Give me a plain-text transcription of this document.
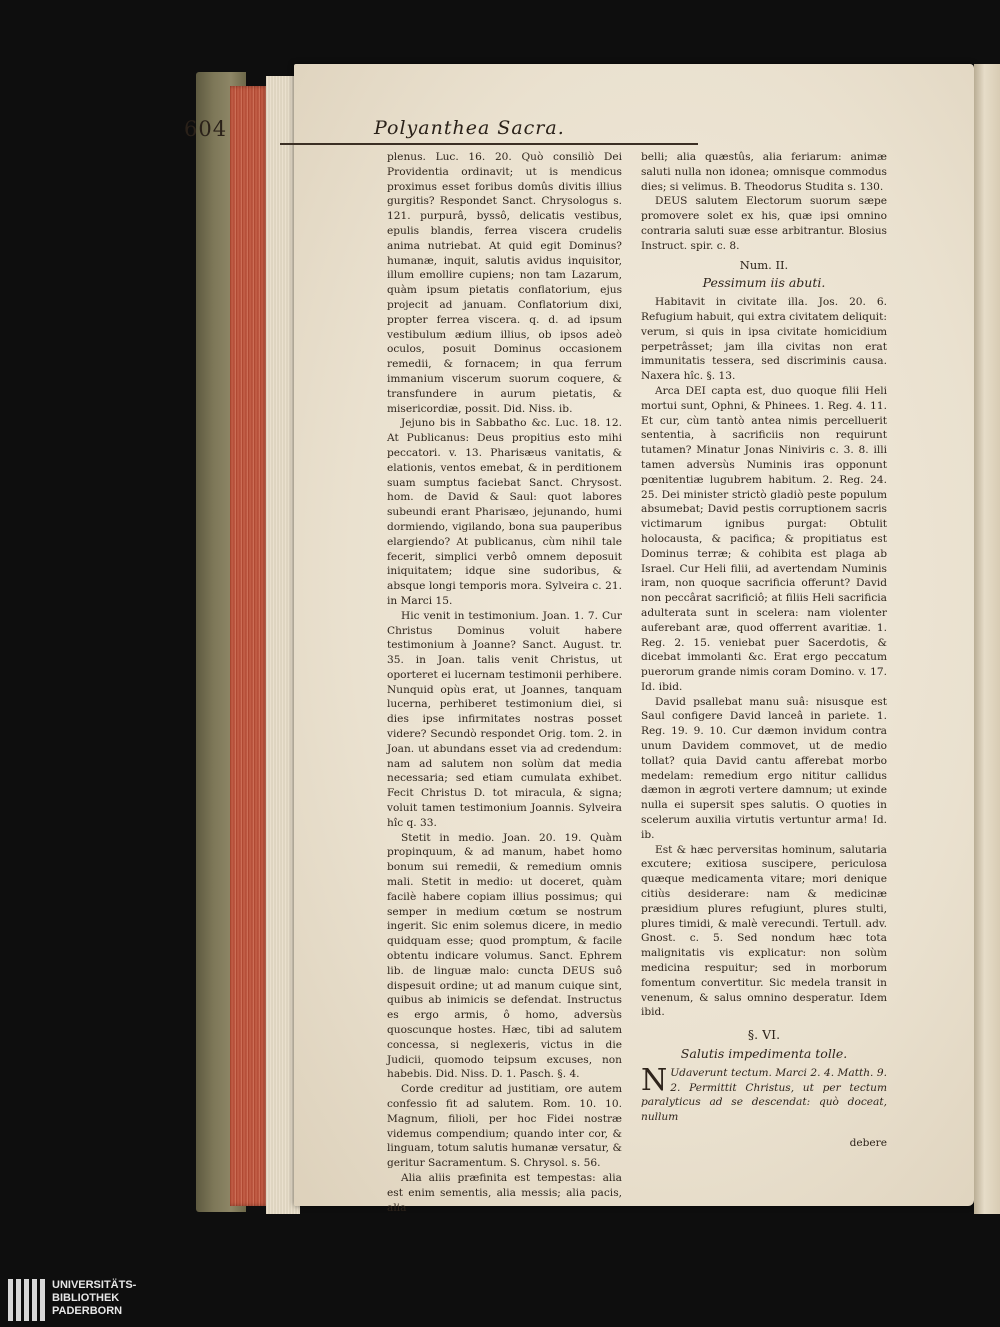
604	Polyanthea Sacra.

plenus. Luc. 16. 20. Quò consiliò Dei Providentia ordinavit; ut is mendicus proximus esset foribus domûs divitis illius gurgitis? Respondet Sanct. Chrysologus s. 121. purpurâ, byssô, delicatis vestibus, epulis blandis, ferrea viscera crudelis anima nutriebat. At quid egit Dominus? humanæ, inquit, salutis avidus inquisitor, illum emollire cupiens; non tam Lazarum, quàm ipsum pietatis conflatorium, ejus projecit ad januam. Conflatorium dixi, propter ferrea viscera. q. d. ad ipsum vestibulum ædium illius, ob ipsos adeò oculos, posuit Dominus occasionem remedii, & fornacem; in qua ferrum immanium viscerum suorum coquere, & transfundere in aurum pietatis, & misericordiæ, possit. Did. Niss. ib.

Jejuno bis in Sabbatho &c. Luc. 18. 12. At Publicanus: Deus propitius esto mihi peccatori. v. 13. Pharisæus vanitatis, & elationis, ventos emebat, & in perditionem suam sumptus faciebat Sanct. Chrysost. hom. de David & Saul: quot labores subeundi erant Pharisæo, jejunando, humi dormiendo, vigilando, bona sua pauperibus elargiendo? At publicanus, cùm nihil tale fecerit, simplici verbô omnem deposuit iniquitatem; idque sine sudoribus, & absque longi temporis mora. Sylveira c. 21. in Marci 15.

Hic venit in testimonium. Joan. 1. 7. Cur Christus Dominus voluit habere testimonium à Joanne? Sanct. August. tr. 35. in Joan. talis venit Christus, ut oporteret ei lucernam testimonii perhibere. Nunquid opùs erat, ut Joannes, tanquam lucerna, perhiberet testimonium diei, si dies ipse infirmitates nostras posset videre? Secundò respondet Orig. tom. 2. in Joan. ut abundans esset via ad credendum: nam ad salutem non solùm dat media necessaria; sed etiam cumulata exhibet. Fecit Christus D. tot miracula, & signa; voluit tamen testimonium Joannis. Sylveira hîc q. 33.

Stetit in medio. Joan. 20. 19. Quàm propinquum, & ad manum, habet homo bonum sui remedii, & remedium omnis mali. Stetit in medio: ut doceret, quàm facilè habere copiam illius possimus; qui semper in medium cœtum se nostrum ingerit. Sic enim solemus dicere, in medio quidquam esse; quod promptum, & facile obtentu indicare volumus. Sanct. Ephrem lib. de linguæ malo: cuncta DEUS suô dispesuit ordine; ut ad manum cuique sint, quibus ab inimicis se defendat. Instructus es ergo armis, ô homo, adversùs quoscunque hostes. Hæc, tibi ad salutem concessa, si neglexeris, victus in die Judicii, quomodo teipsum excuses, non habebis. Did. Niss. D. 1. Pasch. §. 4.

Corde creditur ad justitiam, ore autem confessio fit ad salutem. Rom. 10. 10. Magnum, filioli, per hoc Fidei nostræ videmus compendium; quando inter cor, & linguam, totum salutis humanæ versatur, & geritur Sacramentum. S. Chrysol. s. 56.

Alia aliis præfinita est tempestas: alia est enim sementis, alia messis; alia pacis, alia

belli; alia quæstûs, alia feriarum: animæ saluti nulla non idonea; omnisque commodus dies; si velimus. B. Theodorus Studita s. 130.

DEUS salutem Electorum suorum sæpe promovere solet ex his, quæ ipsi omnino contraria saluti suæ esse arbitrantur. Blosius Instruct. spir. c. 8.

Num. II.

Pessimum iis abuti.

Habitavit in civitate illa. Jos. 20. 6. Refugium habuit, qui extra civitatem deliquit: verum, si quis in ipsa civitate homicidium perpetrâsset; jam illa civitas non erat immunitatis tessera, sed discriminis causa. Naxera hîc. §. 13.

Arca DEI capta est, duo quoque filii Heli mortui sunt, Ophni, & Phinees. 1. Reg. 4. 11. Et cur, cùm tantò antea nimis percelluerit sententia, à sacrificiis non requirunt tutamen? Minatur Jonas Niniviris c. 3. 8. illi tamen adversùs Numinis iras opponunt pœnitentiæ lugubrem habitum. 2. Reg. 24. 25. Dei minister strictò gladiò peste populum absumebat; David pestis corruptionem sacris victimarum ignibus purgat: Obtulit holocausta, & pacifica; & propitiatus est Dominus terræ; & cohibita est plaga ab Israel. Cur Heli filii, ad avertendam Numinis iram, non quoque sacrificia offerunt? David non peccârat sacrificiô; at filiis Heli sacrificia adulterata sunt in scelera: nam violenter auferebant aræ, quod offerrent avaritiæ. 1. Reg. 2. 15. veniebat puer Sacerdotis, & dicebat immolanti &c. Erat ergo peccatum puerorum grande nimis coram Domino. v. 17. Id. ibid.

David psallebat manu suâ: nisusque est Saul configere David lanceâ in pariete. 1. Reg. 19. 9. 10. Cur dæmon invidum contra unum Davidem commovet, ut de medio tollat? quia David cantu afferebat morbo medelam: remedium ergo nititur callidus dæmon in ægroti vertere damnum; ut exinde nulla ei supersit spes salutis. O quoties in scelerum auxilia virtutis vertuntur arma! Id. ib.

Est & hæc perversitas hominum, salutaria excutere; exitiosa suscipere, periculosa quæque medicamenta vitare; mori denique citiùs desiderare: nam & medicinæ præsidium plures refugiunt, plures stulti, plures timidi, & malè verecundi. Tertull. adv. Gnost. c. 5. Sed nondum hæc tota malignitatis vis explicatur: non solùm medicina respuitur; sed in morborum fomentum convertitur. Sic medela transit in venenum, & salus omnino desperatur. Idem ibid.

§. VI.

Salutis impedimenta tolle.

N Udaverunt tectum. Marci 2. 4. Matth. 9. 2. Permittit Christus, ut per tectum paralyticus ad se descendat: quò doceat, nullum

debere

UNIVERSITÄTS-
BIBLIOTHEK
PADERBORN
